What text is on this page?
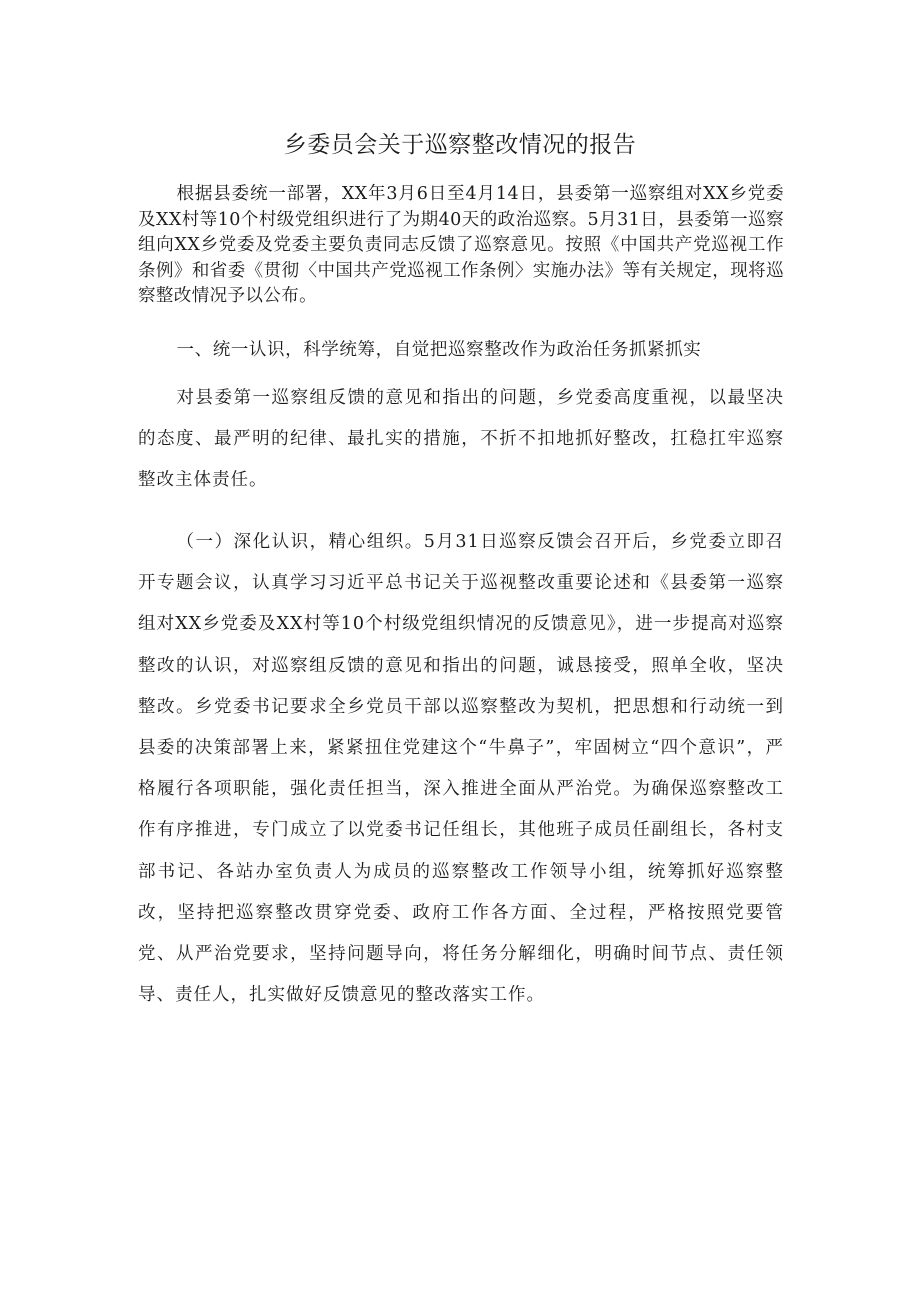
乡委员会关于巡察整改情况的报告

根据县委统一部署，XX年3月6日至4月14日，县委第一巡察组对XX乡党委及XX村等10个村级党组织进行了为期40天的政治巡察。5月31日，县委第一巡察组向XX乡党委及党委主要负责同志反馈了巡察意见。按照《中国共产党巡视工作条例》和省委《贯彻〈中国共产党巡视工作条例〉实施办法》等有关规定，现将巡察整改情况予以公布。

一、统一认识，科学统筹，自觉把巡察整改作为政治任务抓紧抓实

对县委第一巡察组反馈的意见和指出的问题，乡党委高度重视，以最坚决的态度、最严明的纪律、最扎实的措施，不折不扣地抓好整改，扛稳扛牢巡察整改主体责任。

（一）深化认识，精心组织。5月31日巡察反馈会召开后，乡党委立即召开专题会议，认真学习习近平总书记关于巡视整改重要论述和《县委第一巡察组对XX乡党委及XX村等10个村级党组织情况的反馈意见》，进一步提高对巡察整改的认识，对巡察组反馈的意见和指出的问题，诚恳接受，照单全收，坚决整改。乡党委书记要求全乡党员干部以巡察整改为契机，把思想和行动统一到县委的决策部署上来，紧紧扭住党建这个“牛鼻子”，牢固树立“四个意识”，严格履行各项职能，强化责任担当，深入推进全面从严治党。为确保巡察整改工作有序推进，专门成立了以党委书记任组长，其他班子成员任副组长，各村支部书记、各站办室负责人为成员的巡察整改工作领导小组，统筹抓好巡察整改，坚持把巡察整改贯穿党委、政府工作各方面、全过程，严格按照党要管党、从严治党要求，坚持问题导向，将任务分解细化，明确时间节点、责任领导、责任人，扎实做好反馈意见的整改落实工作。
